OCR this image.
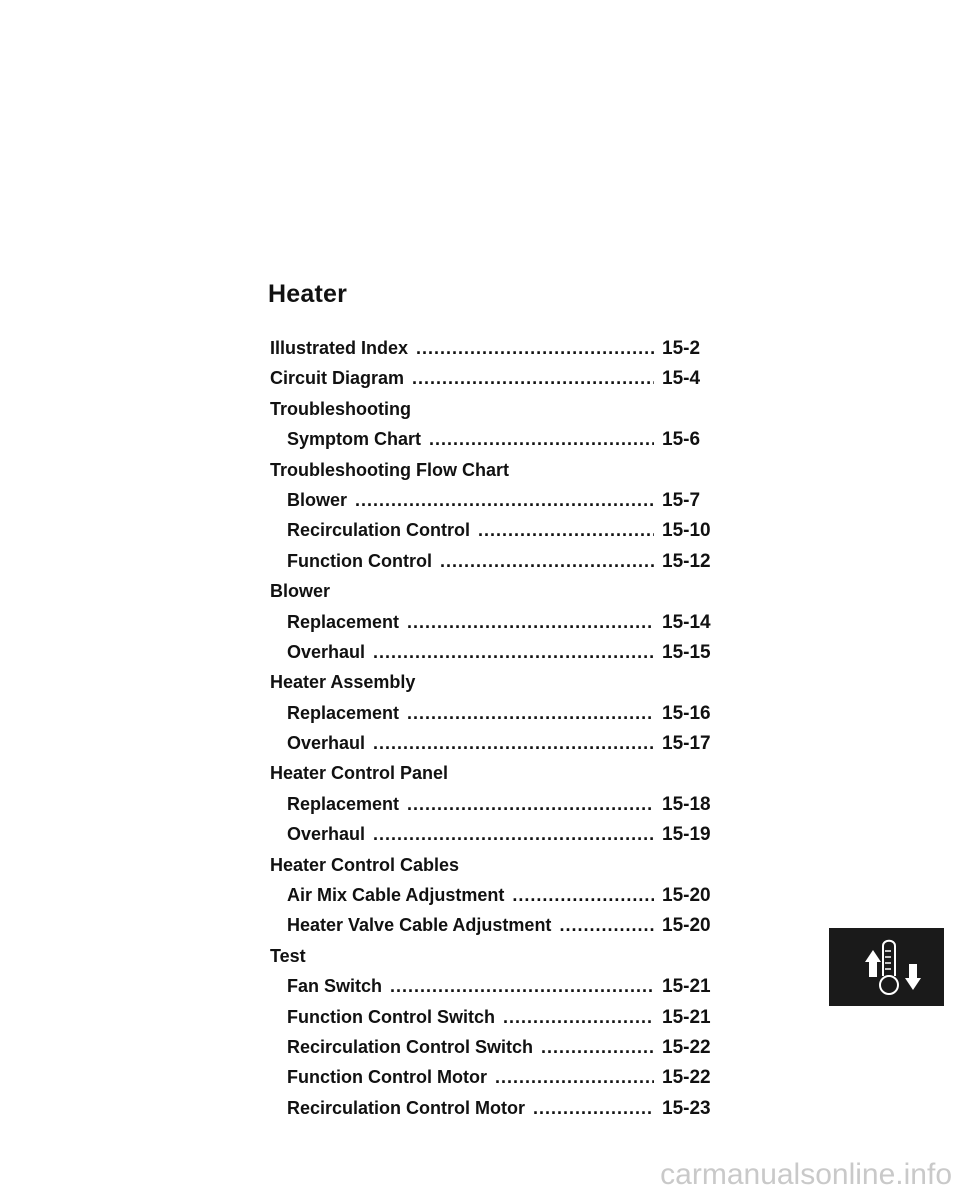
Heater
Illustrated Index .....	15-2
Circuit Diagram .....	15-4
Troubleshooting
Symptom Chart .....	15-6
Troubleshooting Flow Chart
Blower .....	15-7
Recirculation Control .....	15-10
Function Control .....	15-12
Blower
Replacement .....	15-14
Overhaul .....	15-15
Heater Assembly
Replacement .....	15-16
Overhaul .....	15-17
Heater Control Panel
Replacement .....	15-18
Overhaul .....	15-19
Heater Control Cables
Air Mix Cable Adjustment .....	15-20
Heater Valve Cable Adjustment .....	15-20
Test
Fan Switch .....	15-21
Function Control Switch .....	15-21
Recirculation Control Switch .....	15-22
Function Control Motor .....	15-22
Recirculation Control Motor .....	15-23

carmanualsonline.info
